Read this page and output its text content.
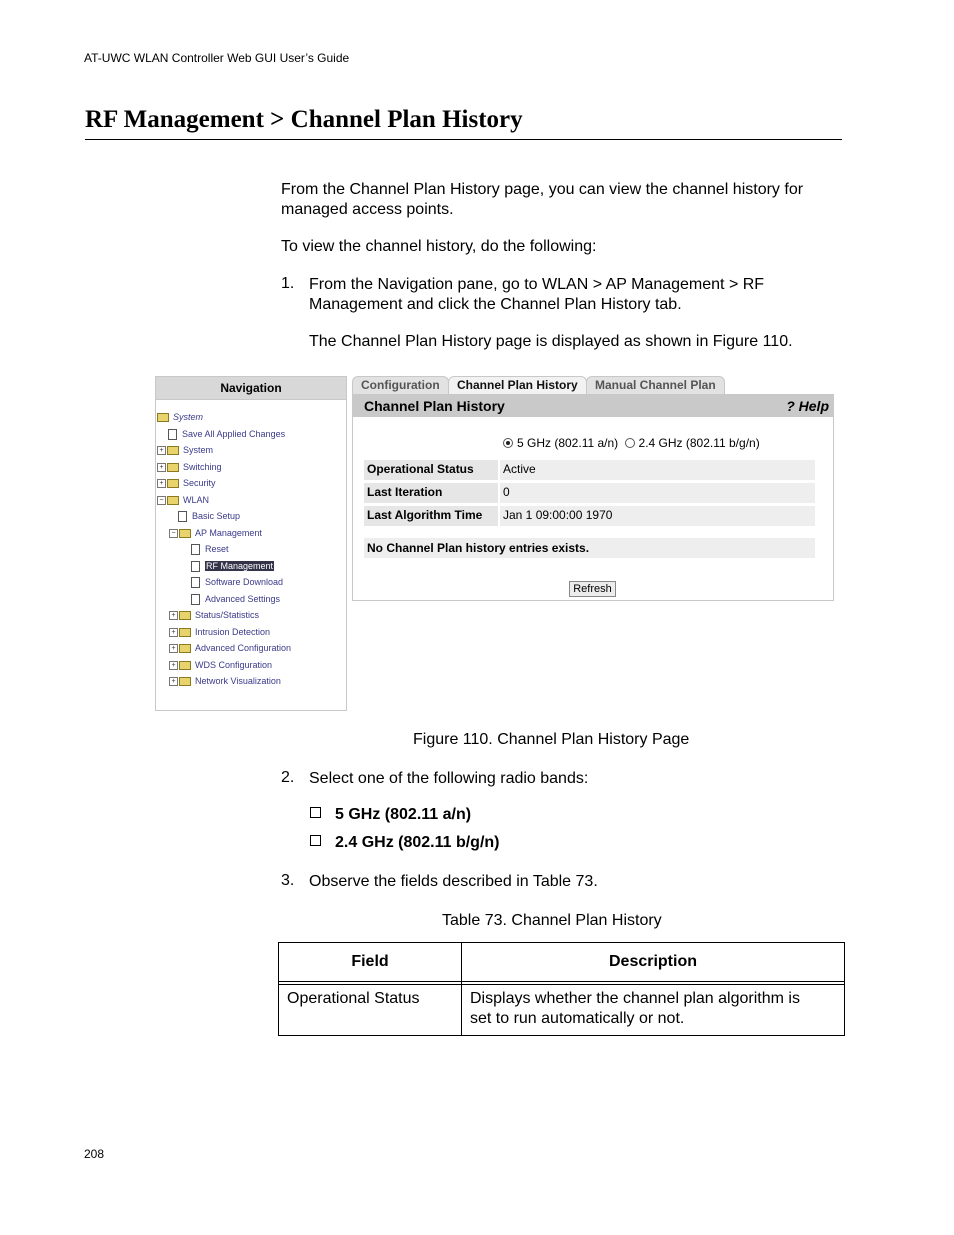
AT-UWC WLAN Controller Web GUI User’s Guide
RF Management > Channel Plan History
From the Channel Plan History page, you can view the channel history for
managed access points.
To view the channel history, do the following:
1. From the Navigation pane, go to WLAN > AP Management > RF
Management and click the Channel Plan History tab.
The Channel Plan History page is displayed as shown in Figure 110.
Navigation
System
Save All Applied Changes
+ System
+ Switching
+ Security
− WLAN
Basic Setup
− AP Management
Reset
RF Management
Software Download
Advanced Settings
+ Status/Statistics
+ Intrusion Detection
+ Advanced Configuration
+ WDS Configuration
+ Network Visualization
Configuration	Channel Plan History	Manual Channel Plan
Channel Plan History	? Help
5 GHz (802.11 a/n) 2.4 GHz (802.11 b/g/n)
Operational Status	Active
Last Iteration	0
Last Algorithm Time	Jan 1 09:00:00 1970
No Channel Plan history entries exists.
Refresh
Figure 110. Channel Plan History Page
2. Select one of the following radio bands:
5 GHz (802.11 a/n)
2.4 GHz (802.11 b/g/n)
3. Observe the fields described in Table 73.
Table 73. Channel Plan History
Field	Description

Operational Status	Displays whether the channel plan algorithm is
set to run automatically or not.
208
